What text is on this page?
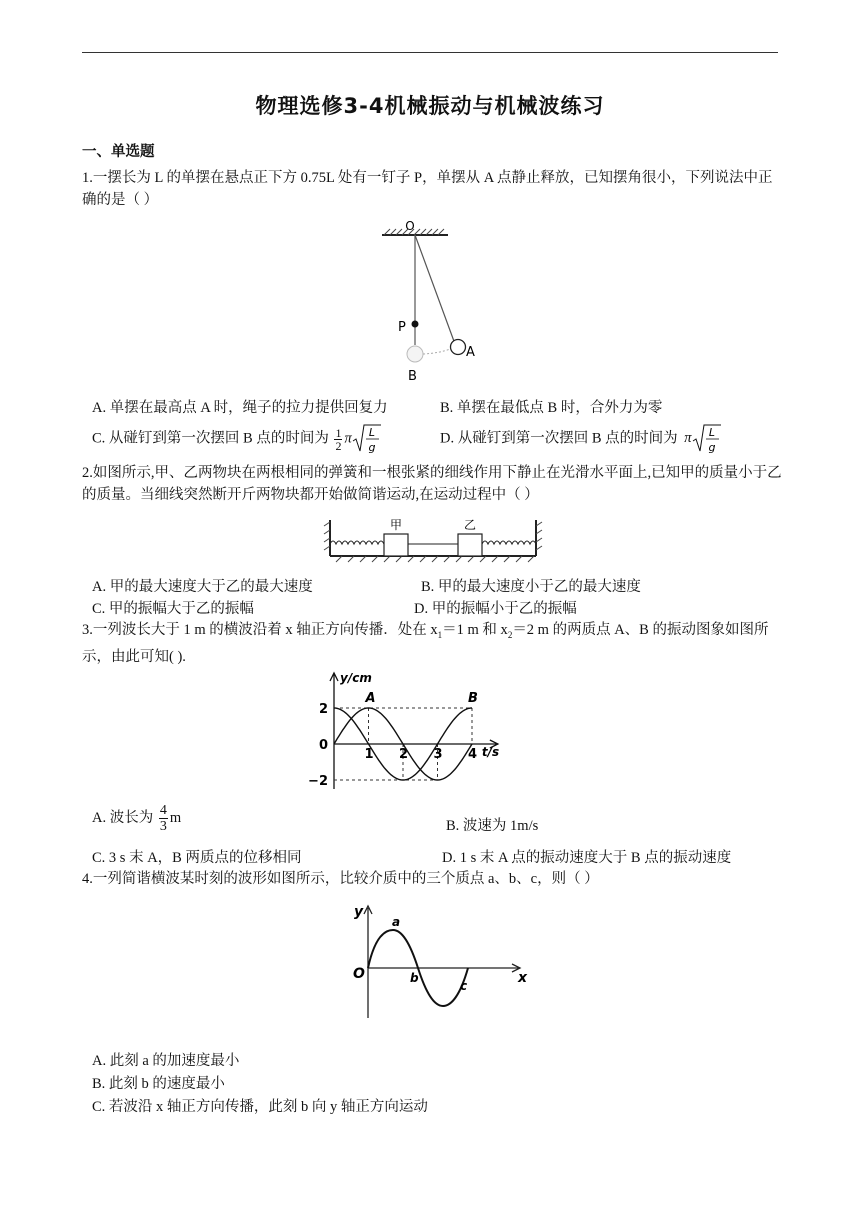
物理选修3-4机械振动与机械波练习
一、单选题
1.一摆长为 L 的单摆在悬点正下方 0.75L 处有一钉子 P，单摆从 A 点静止释放，已知摆角很小，下列说法中正确的是（ ）
O
P
A
B
A. 单摆在最高点 A 时，绳子的拉力提供回复力	B. 单摆在最低点 B 时，合外力为零
C. 从碰钉到第一次摆回 B 点的时间为 $\frac{1}{2}$ π L
g
D. 从碰钉到第一次摆回 B 点的时间为 π L
g
2.如图所示,甲、乙两物块在两根相同的弹簧和一根张紧的细线作用下静止在光滑水平面上,已知甲的质量小于乙的质量。当细线突然断开斤两物块都开始做简谐运动,在运动过程中（ ）
甲	乙
A. 甲的最大速度大于乙的最大速度	B. 甲的最大速度小于乙的最大速度
C. 甲的振幅大于乙的振幅	D. 甲的振幅小于乙的振幅
3.一列波长大于 1 m 的横波沿着 x 轴正方向传播．处在 $x_1=1$ m 和 $x_2=2$ m 的两质点 A、B 的振动图象如图所示，由此可知( ).
y/cm
t/s
2
0
−2
1 2 3 4
A	B
A. 波长为 $\frac{4}{3}$ m
B. 波速为 1m/s
C. 3 s 末 A，B 两质点的位移相同	D. 1 s 末 A 点的振动速度大于 B 点的振动速度
4.一列简谐横波某时刻的波形如图所示，比较介质中的三个质点 a、b、c，则（ ）
y
x
O
a
b
c
A. 此刻 a 的加速度最小
B. 此刻 b 的速度最小
C. 若波沿 x 轴正方向传播，此刻 b 向 y 轴正方向运动
